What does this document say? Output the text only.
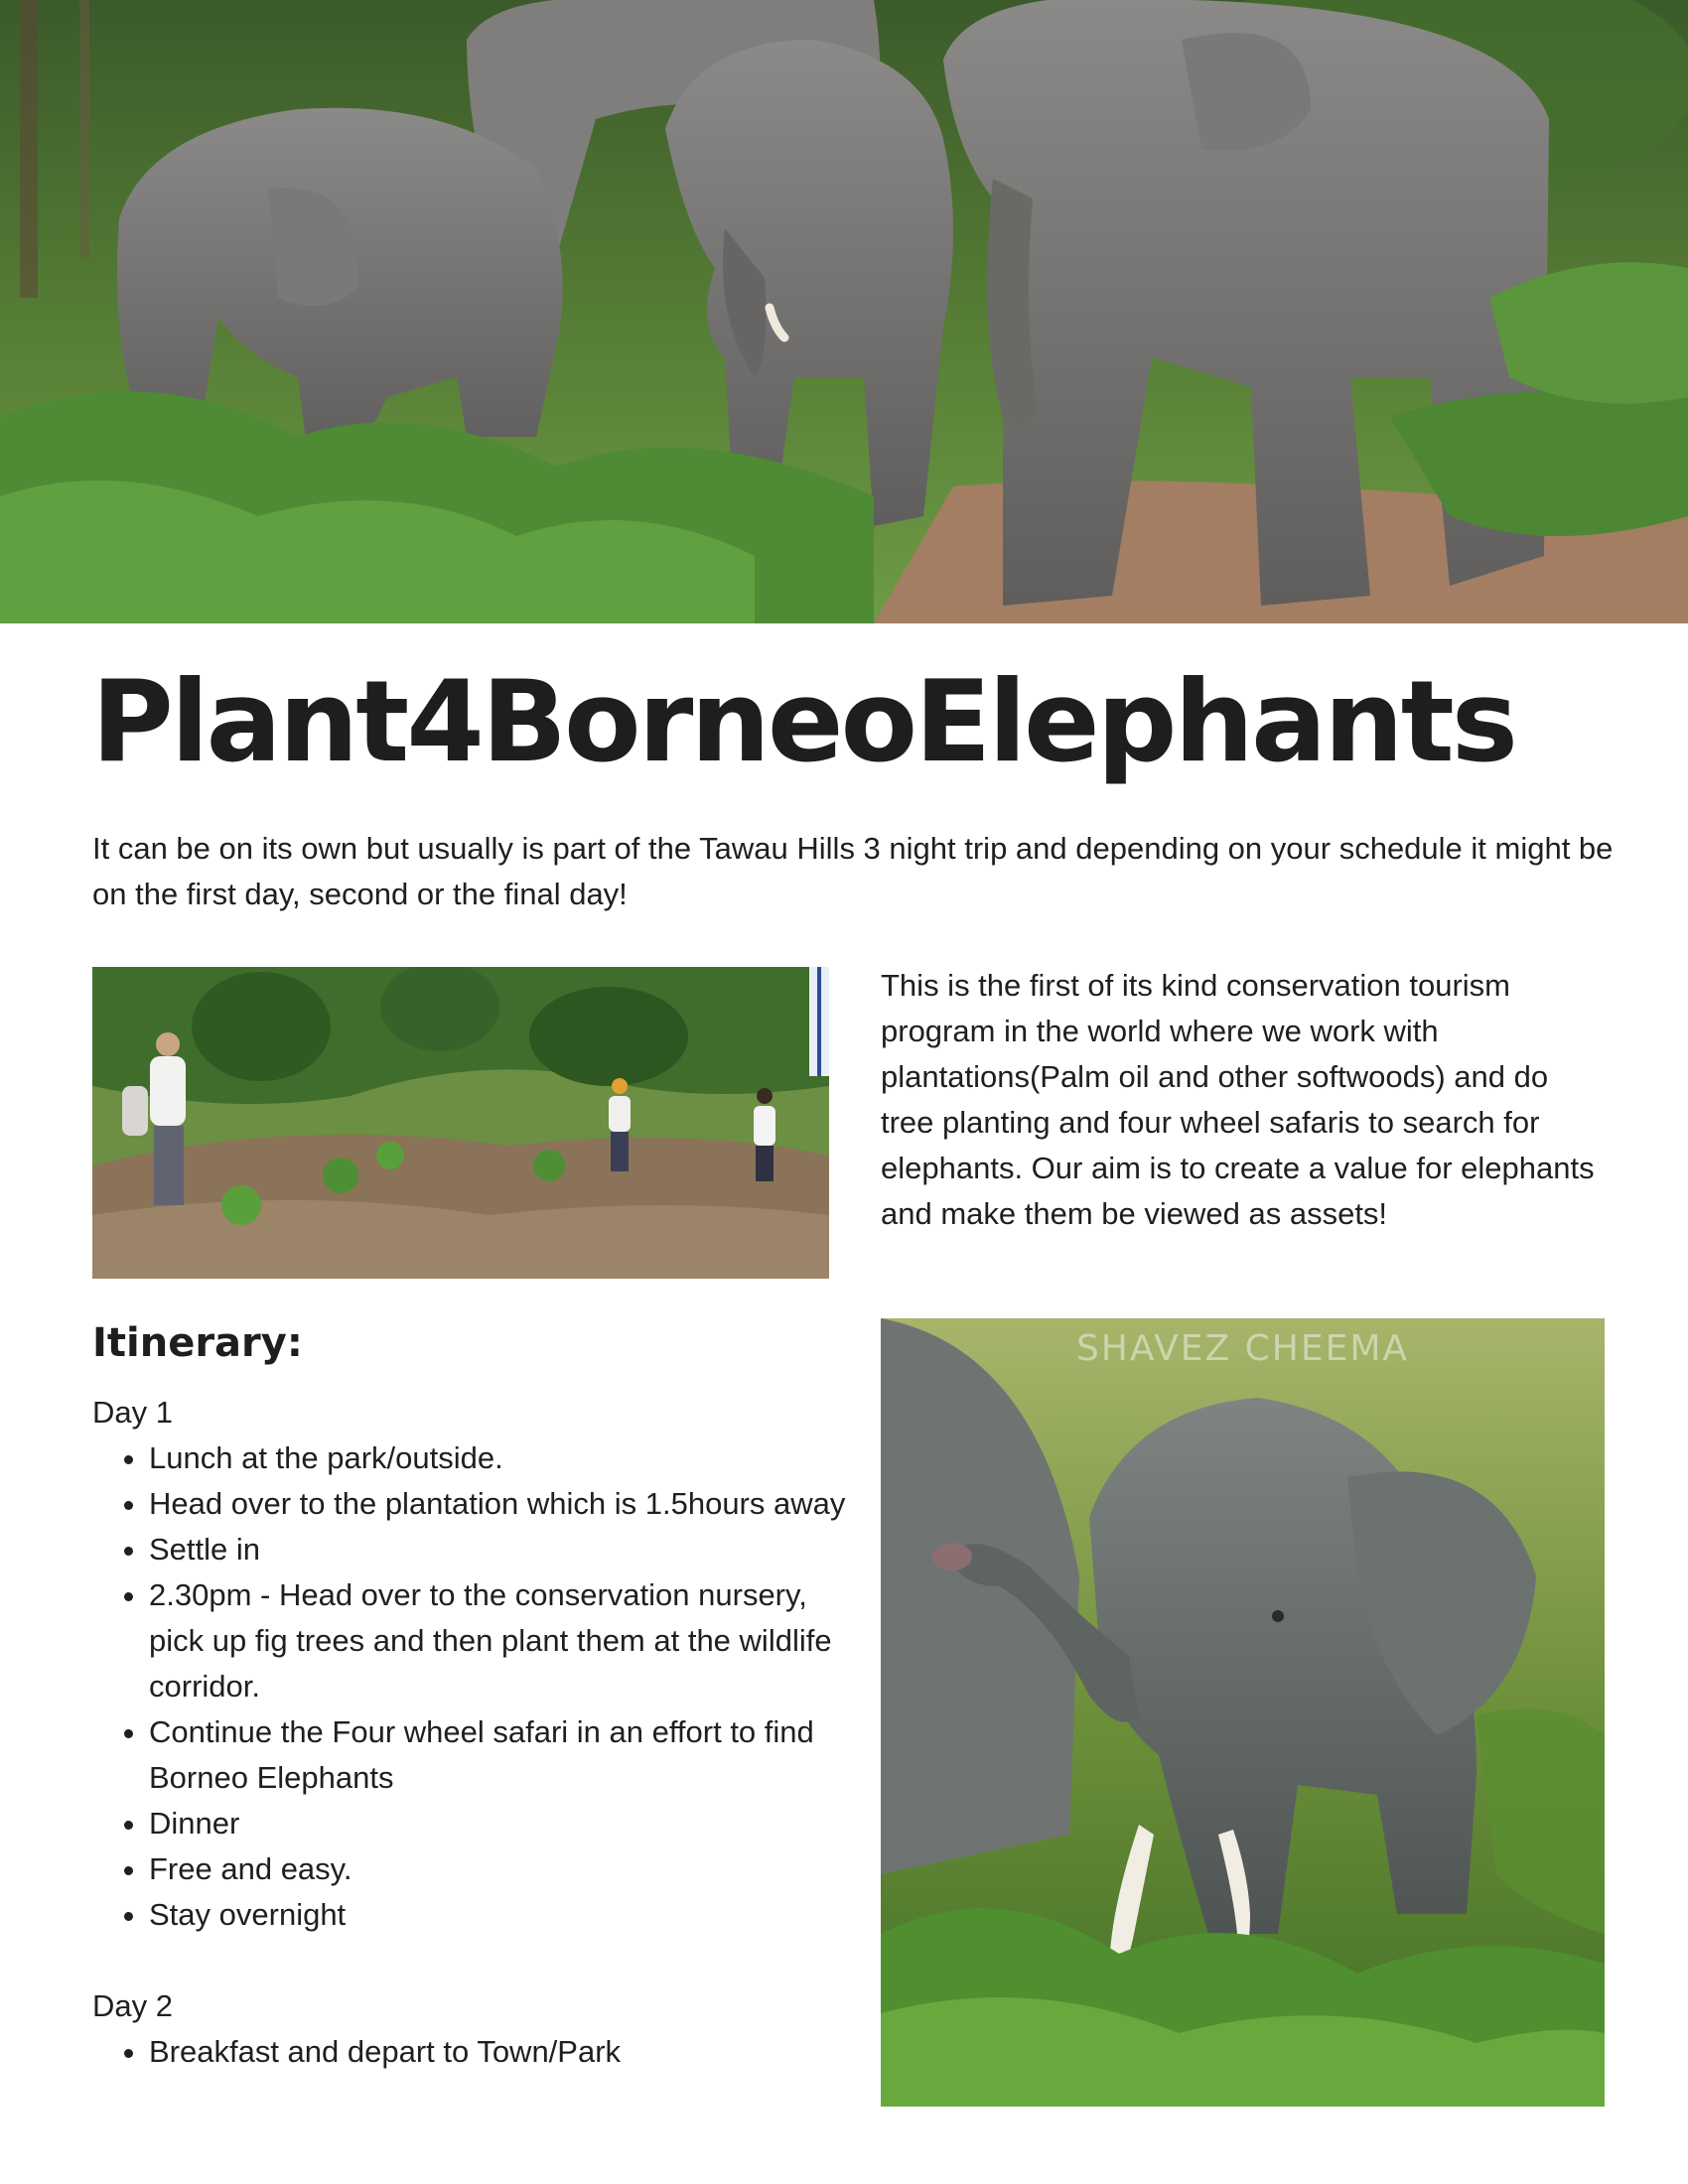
Plant4BorneoElephants

It can be on its own but usually is part of the Tawau Hills 3 night trip and depending on your schedule it might be on the first day, second or the final day!

This is the first of its kind conservation tourism program in the world where we work with plantations(Palm oil and other softwoods) and do tree planting and four wheel safaris to search for elephants. Our aim is to create a value for elephants and make them be viewed as assets!

Itinerary:
Day 1
• Lunch at the park/outside.
• Head over to the plantation which is 1.5hours away
• Settle in
• 2.30pm - Head over to the conservation nursery, pick up fig trees and then plant them at the wildlife corridor.
• Continue the Four wheel safari in an effort to find Borneo Elephants
• Dinner
• Free and easy.
• Stay overnight
Day 2
• Breakfast and depart to Town/Park
SHAVEZ CHEEMA
